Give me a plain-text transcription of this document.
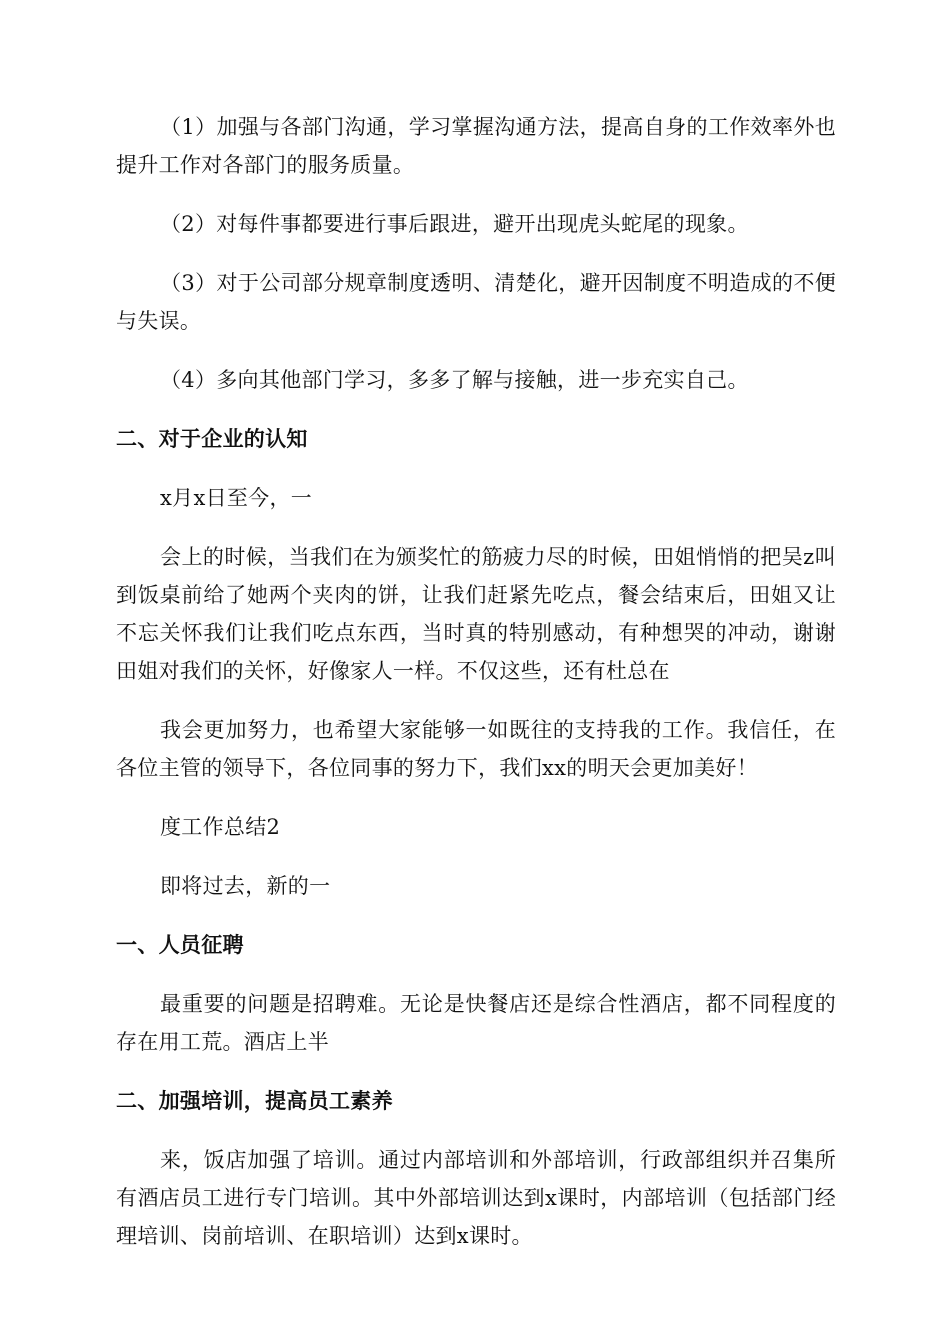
（1）加强与各部门沟通，学习掌握沟通方法，提高自身的工作效率外也提升工作对各部门的服务质量。

（2）对每件事都要进行事后跟进，避开出现虎头蛇尾的现象。

（3）对于公司部分规章制度透明、清楚化，避开因制度不明造成的不便与失误。

（4）多向其他部门学习，多多了解与接触，进一步充实自己。

二、对于企业的认知

x月x日至今，一

会上的时候，当我们在为颁奖忙的筋疲力尽的时候，田姐悄悄的把吴z叫到饭桌前给了她两个夹肉的饼，让我们赶紧先吃点，餐会结束后，田姐又让不忘关怀我们让我们吃点东西，当时真的特别感动，有种想哭的冲动，谢谢田姐对我们的关怀，好像家人一样。不仅这些，还有杜总在

我会更加努力，也希望大家能够一如既往的支持我的工作。我信任，在各位主管的领导下，各位同事的努力下，我们xx的明天会更加美好！

度工作总结2

即将过去，新的一

一、人员征聘

最重要的问题是招聘难。无论是快餐店还是综合性酒店，都不同程度的存在用工荒。酒店上半

二、加强培训，提高员工素养

来，饭店加强了培训。通过内部培训和外部培训，行政部组织并召集所有酒店员工进行专门培训。其中外部培训达到x课时，内部培训（包括部门经理培训、岗前培训、在职培训）达到x课时。
